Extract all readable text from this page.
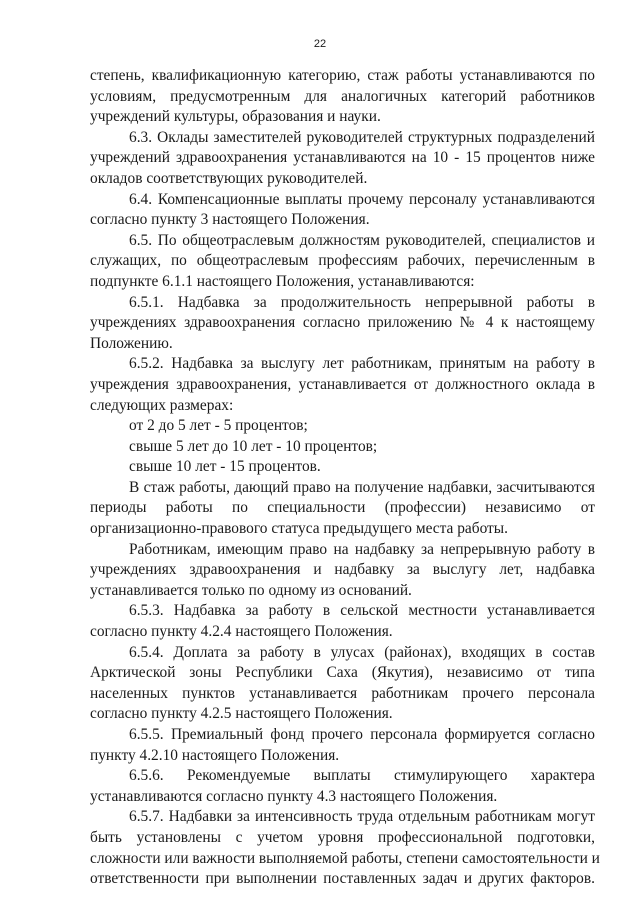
22
степень, квалификационную категорию, стаж работы устанавливаются по
условиям, предусмотренным для аналогичных категорий работников
учреждений культуры, образования и науки.
6.3. Оклады заместителей руководителей структурных подразделений
учреждений здравоохранения устанавливаются на 10 - 15 процентов ниже
окладов соответствующих руководителей.
6.4. Компенсационные выплаты прочему персоналу устанавливаются
согласно пункту 3 настоящего Положения.
6.5. По общеотраслевым должностям руководителей, специалистов и
служащих, по общеотраслевым профессиям рабочих, перечисленным в
подпункте 6.1.1 настоящего Положения, устанавливаются:
6.5.1. Надбавка за продолжительность непрерывной работы в
учреждениях здравоохранения согласно приложению № 4 к настоящему
Положению.
6.5.2. Надбавка за выслугу лет работникам, принятым на работу в
учреждения здравоохранения, устанавливается от должностного оклада в
следующих размерах:
от 2 до 5 лет - 5 процентов;
свыше 5 лет до 10 лет - 10 процентов;
свыше 10 лет - 15 процентов.
В стаж работы, дающий право на получение надбавки, засчитываются
периоды работы по специальности (профессии) независимо от
организационно-правового статуса предыдущего места работы.
Работникам, имеющим право на надбавку за непрерывную работу в
учреждениях здравоохранения и надбавку за выслугу лет, надбавка
устанавливается только по одному из оснований.
6.5.3. Надбавка за работу в сельской местности устанавливается
согласно пункту 4.2.4 настоящего Положения.
6.5.4. Доплата за работу в улусах (районах), входящих в состав
Арктической зоны Республики Саха (Якутия), независимо от типа
населенных пунктов устанавливается работникам прочего персонала
согласно пункту 4.2.5 настоящего Положения.
6.5.5. Премиальный фонд прочего персонала формируется согласно
пункту 4.2.10 настоящего Положения.
6.5.6. Рекомендуемые выплаты стимулирующего характера
устанавливаются согласно пункту 4.3 настоящего Положения.
6.5.7. Надбавки за интенсивность труда отдельным работникам могут
быть установлены с учетом уровня профессиональной подготовки,
сложности или важности выполняемой работы, степени самостоятельности и
ответственности при выполнении поставленных задач и других факторов.
